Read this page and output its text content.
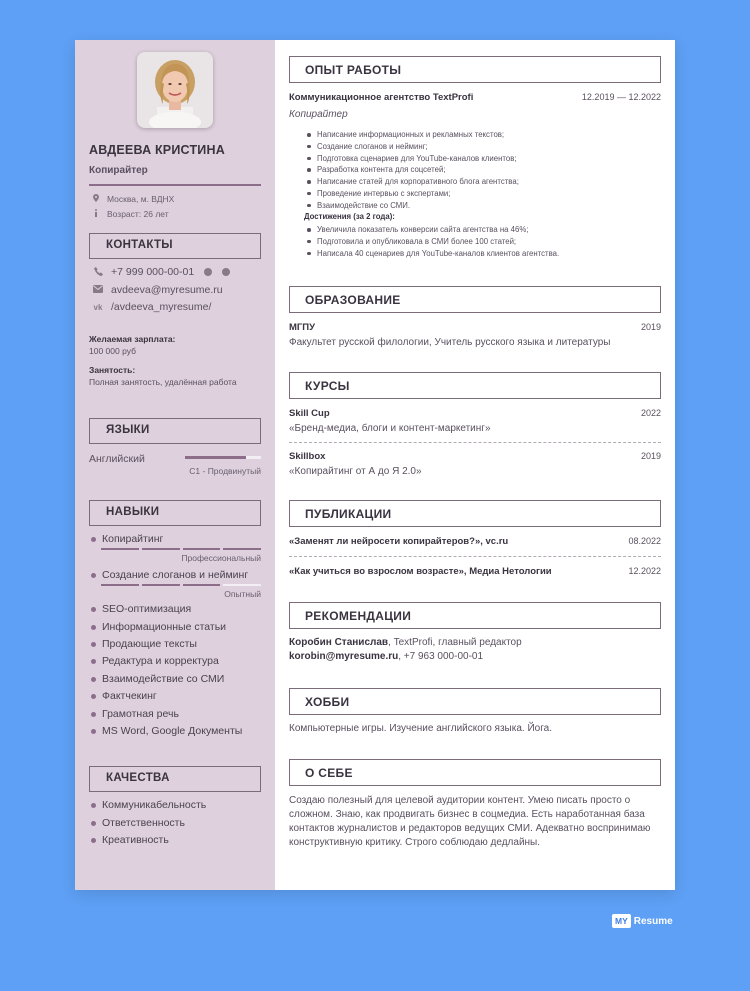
АВДЕЕВА КРИСТИНА
Копирайтер
Москва, м. ВДНХ
Возраст: 26 лет
КОНТАКТЫ
+7 999 000-00-01
avdeeva@myresume.ru
vk /avdeeva_myresume/
Желаемая зарплата:
100 000 руб
Занятость:
Полная занятость, удалённая работа
ЯЗЫКИ
Английский
C1 - Продвинутый
НАВЫКИ
Копирайтинг
Профессиональный
Создание слоганов и нейминг
Опытный
SEO-оптимизация
Информационные статьи
Продающие тексты
Редактура и корректура
Взаимодействие со СМИ
Фактчекинг
Грамотная речь
MS Word, Google Документы
КАЧЕСТВА
Коммуникабельность
Ответственность
Креативность
ОПЫТ РАБОТЫ
Коммуникационное агентство TextProfi	12.2019 — 12.2022
Копирайтер
Написание информационных и рекламных текстов;
Создание слоганов и нейминг;
Подготовка сценариев для YouTube-каналов клиентов;
Разработка контента для соцсетей;
Написание статей для корпоративного блога агентства;
Проведение интервью с экспертами;
Взаимодействие со СМИ.
Достижения (за 2 года):
Увеличила показатель конверсии сайта агентства на 46%;
Подготовила и опубликовала в СМИ более 100 статей;
Написала 40 сценариев для YouTube-каналов клиентов агентства.
ОБРАЗОВАНИЕ
МГПУ	2019
Факультет русской филологии, Учитель русского языка и литературы
КУРСЫ
Skill Cup	2022
«Бренд-медиа, блоги и контент-маркетинг»
Skillbox	2019
«Копирайтинг от А до Я 2.0»
ПУБЛИКАЦИИ
«Заменят ли нейросети копирайтеров?», vc.ru	08.2022
«Как учиться во взрослом возрасте», Медиа Нетологии	12.2022
РЕКОМЕНДАЦИИ
Коробин Станислав, TextProfi, главный редактор
korobin@myresume.ru, +7 963 000-00-01
ХОББИ
Компьютерные игры. Изучение английского языка. Йога.
О СЕБЕ
Создаю полезный для целевой аудитории контент. Умею писать просто о сложном. Знаю, как продвигать бизнес в соцмедиа. Есть наработанная база контактов журналистов и редакторов ведущих СМИ. Адекватно воспринимаю конструктивную критику. Строго соблюдаю дедлайны.
MY Resume
